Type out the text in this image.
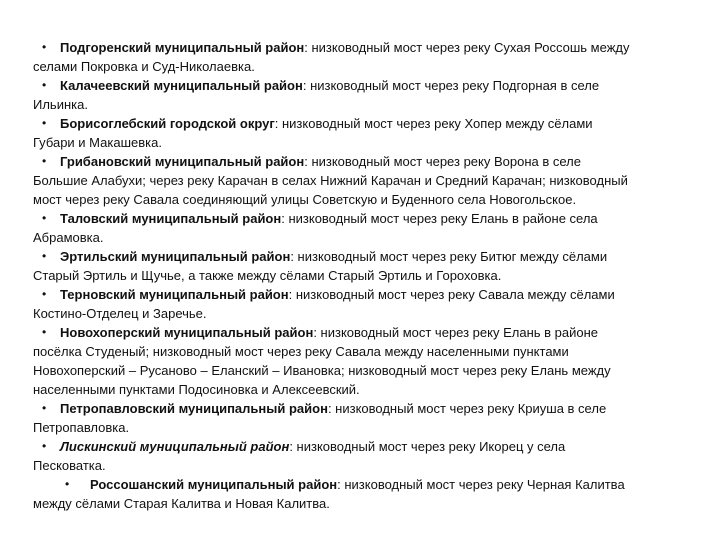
•	Подгоренский муниципальный район: низководный мост через реку Сухая Россошь между
селами Покровка и Суд-Николаевка.
•	Калачеевский муниципальный район: низководный мост через реку Подгорная в селе
Ильинка.
•	Борисоглебский городской округ: низководный мост через реку Хопер между сёлами
Губари и Макашевка.
•	Грибановский муниципальный район: низководный мост через реку Ворона в селе
Большие Алабухи; через реку Карачан в селах Нижний Карачан и Средний Карачан; низководный
мост через реку Савала соединяющий улицы Советскую и Буденного села Новогольское.
•	Таловский муниципальный район: низководный мост через реку Елань в районе села
Абрамовка.
•	Эртильский муниципальный район: низководный мост через реку Битюг между сёлами
Старый Эртиль и Щучье, а также между сёлами Старый Эртиль и Гороховка.
•	Терновский муниципальный район: низководный мост через реку Савала между сёлами
Костино-Отделец и Заречье.
•	Новохоперский муниципальный район: низководный мост через реку Елань в районе
посёлка Студеный; низководный мост через реку Савала между населенными пунктами
Новохоперский – Русаново – Еланский – Ивановка; низководный мост через реку Елань между
населенными пунктами Подосиновка и Алексеевский.
•	Петропавловский муниципальный район: низководный мост через реку Криуша в селе
Петропавловка.
•	Лискинский муниципальный район: низководный мост через реку Икорец у села
Песковатка.
•	Россошанский муниципальный район: низководный мост через реку Черная Калитва
между сёлами Старая Калитва и Новая Калитва.
